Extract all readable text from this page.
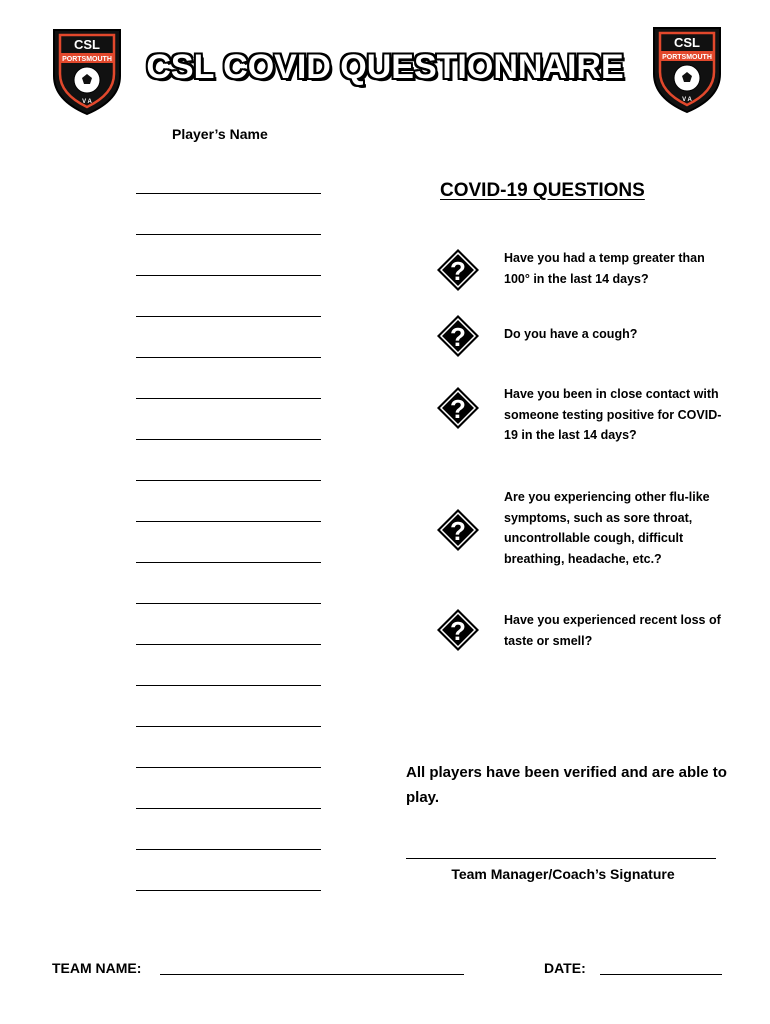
CSL
PORTSMOUTH
V A
CSL
PORTSMOUTH
V A
CSL COVID QUESTIONNAIRE
Player’s Name
COVID-19 QUESTIONS
?	Have you had a temp greater than 100° in the last 14 days?
?	Do you have a cough?
?	Have you been in close contact with someone testing positive for COVID-19 in the last 14 days?
?
Are you experiencing other flu-like symptoms, such as sore throat, uncontrollable cough, difficult breathing, headache, etc.?
?	Have you experienced recent loss of taste or smell?
All players have been verified and are able to play.
Team Manager/Coach’s Signature
TEAM NAME:	DATE:
